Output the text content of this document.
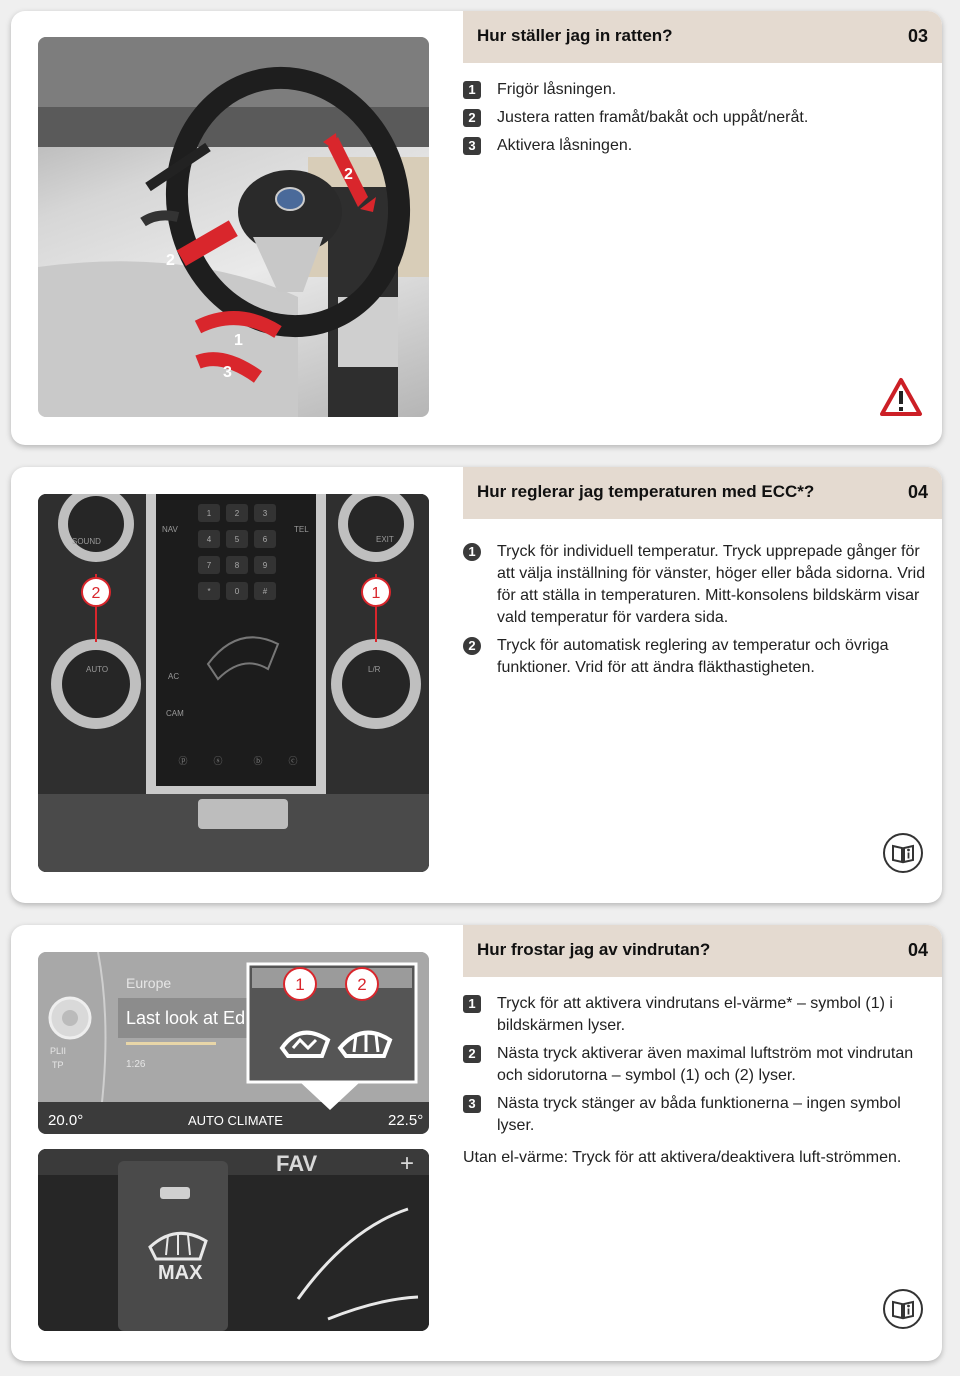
1
2
2
3
Hur ställer jag in ratten?	03
1	Frigör låsningen.
2	Justera ratten framåt/bakåt och uppåt/neråt.
3	Aktivera låsningen.
SOUND	EXIT
NAV	TEL
AC
CAM
AUTO	L/R
1	2	3
4	5	6
7	8	9
*	0	#
2	1
ⓟ	ⓢ	ⓑ	ⓒ
Hur reglerar jag temperaturen med ECC*?	04
1	Tryck för individuell temperatur. Tryck upprepade gånger för att välja inställning för vänster, höger eller båda sidorna. Vrid för att ställa in temperaturen. Mitt-konsolens bildskärm visar vald temperatur för vardera sida.
2	Tryck för automatisk reglering av temperatur och övriga funktioner. Vrid för att ändra fläkthastigheten.
Europe
Last look at Ed
1:26
PLII
TP
20.0°	AUTO CLIMATE	22.5°
1	2
FAV	+
MAX
Hur frostar jag av vindrutan?	04
1	Tryck för att aktivera vindrutans el-värme* – symbol (1) i bildskärmen lyser.
2	Nästa tryck aktiverar även maximal luftström mot vindrutan och sidorutorna – symbol (1) och (2) lyser.
3	Nästa tryck stänger av båda funktionerna – ingen symbol lyser.
Utan el-värme: Tryck för att aktivera/deaktivera luft-strömmen.
